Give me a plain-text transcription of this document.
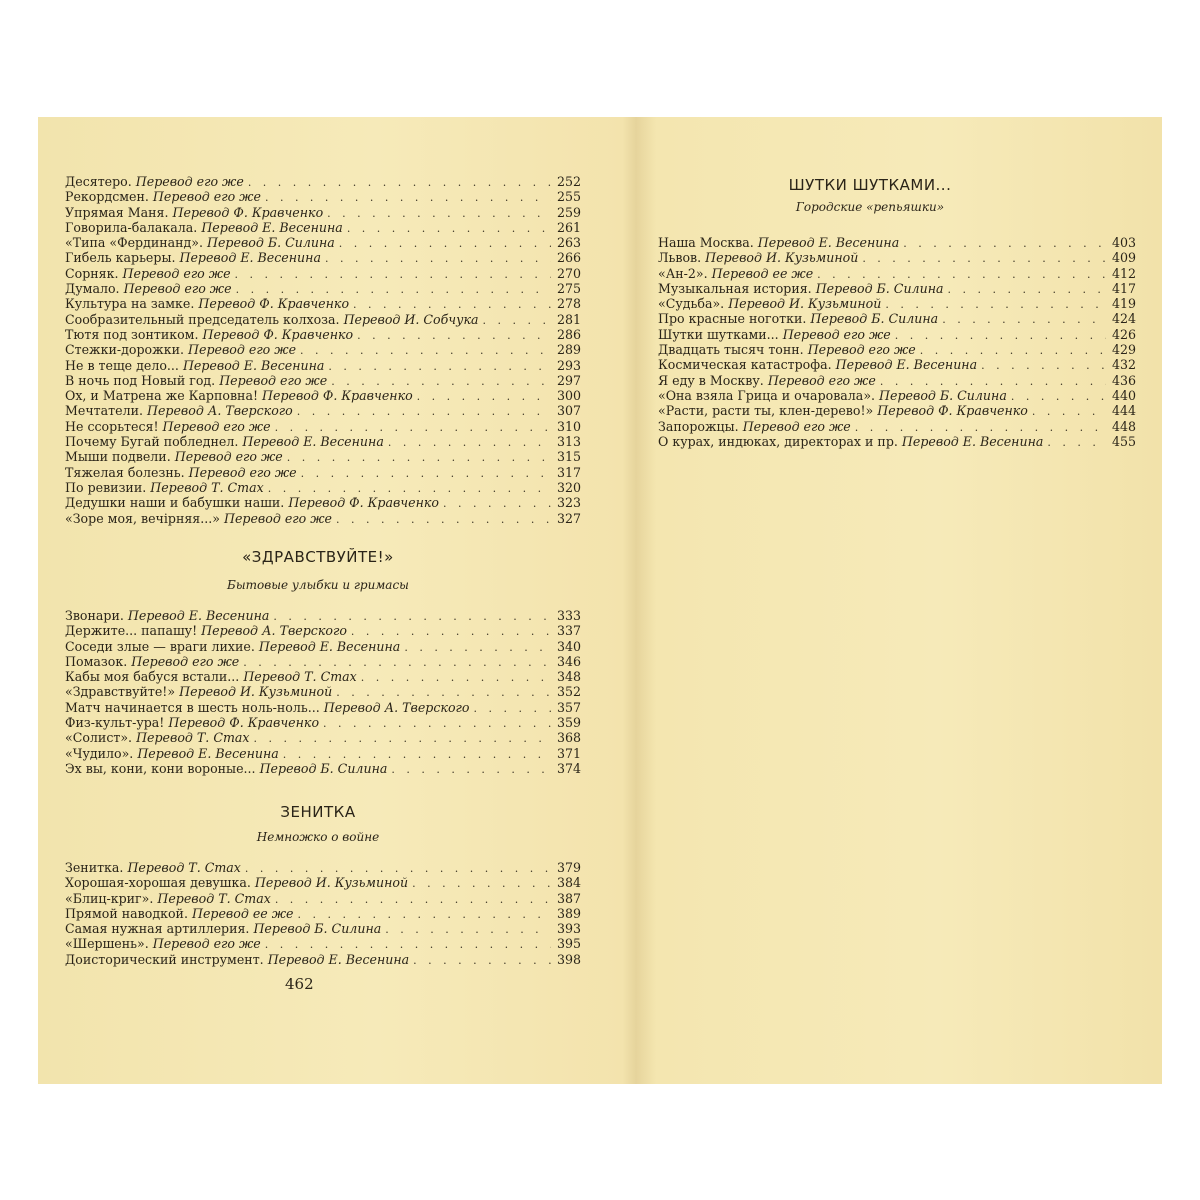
Десятеро. Перевод его же . . .	252
Рекордсмен. Перевод его же . . .	255
Упрямая Маня. Перевод Ф. Кравченко . . .	259
Говорила-балакала. Перевод Е. Весенина . . .	261
«Типа «Фердинанд». Перевод Б. Силина . . .	263
Гибель карьеры. Перевод Е. Весенина . . .	266
Сорняк. Перевод его же . . .	270
Думало. Перевод его же . . .	275
Культура на замке. Перевод Ф. Кравченко . . .	278
Сообразительный председатель колхоза. Перевод И. Собчука . . .	281
Тютя под зонтиком. Перевод Ф. Кравченко . . .	286
Стежки-дорожки. Перевод его же . . .	289
Не в теще дело... Перевод Е. Весенина . . .	293
В ночь под Новый год. Перевод его же . . .	297
Ох, и Матрена же Карповна! Перевод Ф. Кравченко . . .	300
Мечтатели. Перевод А. Тверского . . .	307
Не ссорьтеся! Перевод его же . . .	310
Почему Бугай побледнел. Перевод Е. Весенина . . .	313
Мыши подвели. Перевод его же . . .	315
Тяжелая болезнь. Перевод его же . . .	317
По ревизии. Перевод Т. Стах . . .	320
Дедушки наши и бабушки наши. Перевод Ф. Кравченко . . .	323
«Зоре моя, вечiрняя...» Перевод его же . . .	327
«ЗДРАВСТВУЙТЕ!»
Бытовые улыбки и гримасы
Звонари. Перевод Е. Весенина . . .	333
Держите... папашу! Перевод А. Тверского . . .	337
Соседи злые — враги лихие. Перевод Е. Весенина . . .	340
Помазок. Перевод его же . . .	346
Кабы моя бабуся встали... Перевод Т. Стах . . .	348
«Здравствуйте!» Перевод И. Кузьминой . . .	352
Матч начинается в шесть ноль-ноль... Перевод А. Тверского . . .	357
Физ-культ-ура! Перевод Ф. Кравченко . . .	359
«Солист». Перевод Т. Стах . . .	368
«Чудило». Перевод Е. Весенина . . .	371
Эх вы, кони, кони вороные... Перевод Б. Силина . . .	374
ЗЕНИТКА
Немножко о войне
Зенитка. Перевод Т. Стах . . .	379
Хорошая-хорошая девушка. Перевод И. Кузьминой . . .	384
«Блиц-криг». Перевод Т. Стах . . .	387
Прямой наводкой. Перевод ее же . . .	389
Самая нужная артиллерия. Перевод Б. Силина . . .	393
«Шершень». Перевод его же . . .	395
Доисторический инструмент. Перевод Е. Весенина . . .	398
462
ШУТКИ ШУТКАМИ...
Городские «репьяшки»
Наша Москва. Перевод Е. Весенина . . .	403
Львов. Перевод И. Кузьминой . . .	409
«Ан-2». Перевод ее же . . .	412
Музыкальная история. Перевод Б. Силина . . .	417
«Судьба». Перевод И. Кузьминой . . .	419
Про красные ноготки. Перевод Б. Силина . . .	424
Шутки шутками... Перевод его же . . .	426
Двадцать тысяч тонн. Перевод его же . . .	429
Космическая катастрофа. Перевод Е. Весенина . . .	432
Я еду в Москву. Перевод его же . . .	436
«Она взяла Грица и очаровала». Перевод Б. Силина . . .	440
«Расти, расти ты, клен-дерево!» Перевод Ф. Кравченко . . .	444
Запорожцы. Перевод его же . . .	448
О курах, индюках, директорах и пр. Перевод Е. Весенина . . .	455
